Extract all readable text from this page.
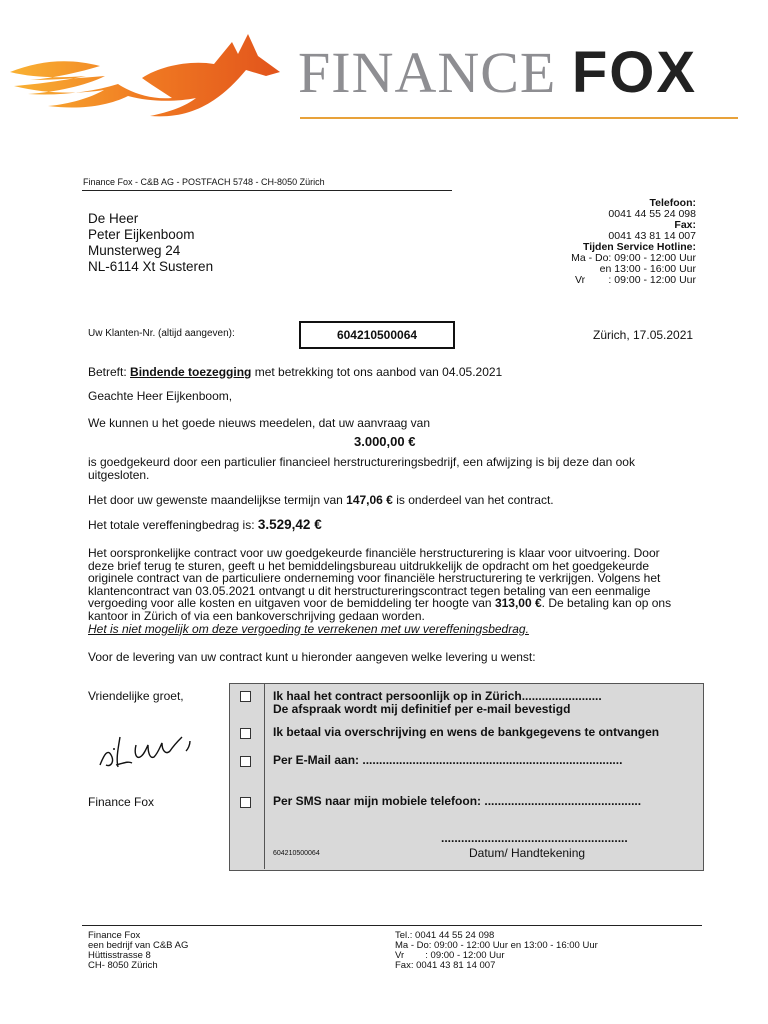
FINANCE FOX
Finance Fox - C&B AG - POSTFACH 5748 - CH-8050 Zürich
De Heer
Peter Eijkenboom
Munsterweg 24
NL-6114 Xt Susteren
Telefoon:
0041 44 55 24 098
Fax:
0041 43 81 14 007
Tijden Service Hotline:
Ma - Do: 09:00 - 12:00 Uur
en 13:00 - 16:00 Uur
Vr        : 09:00 - 12:00 Uur
Uw Klanten-Nr. (altijd aangeven):	604210500064	Zürich, 17.05.2021
Betreft: Bindende toezegging met betrekking tot ons aanbod van 04.05.2021
Geachte Heer Eijkenboom,
We kunnen u het goede nieuws meedelen, dat uw aanvraag van
3.000,00 €
is goedgekeurd door een particulier financieel herstructureringsbedrijf, een afwijzing is bij deze dan ook
uitgesloten.
Het door uw gewenste maandelijkse termijn van 147,06 € is onderdeel van het contract.
Het totale vereffeningbedrag is: 3.529,42 €
Het oorspronkelijke contract voor uw goedgekeurde financiële herstructurering is klaar voor uitvoering. Door
deze brief terug te sturen, geeft u het bemiddelingsbureau uitdrukkelijk de opdracht om het goedgekeurde
originele contract van de particuliere onderneming voor financiële herstructurering te verkrijgen. Volgens het
klantencontract van 03.05.2021 ontvangt u dit herstructureringscontract tegen betaling van een eenmalige
vergoeding voor alle kosten en uitgaven voor de bemiddeling ter hoogte van 313,00 €. De betaling kan op ons
kantoor in Zürich of via een bankoverschrijving gedaan worden.
Het is niet mogelijk om deze vergoeding te verrekenen met uw vereffeningsbedrag.
Voor de levering van uw contract kunt u hieronder aangeven welke levering u wenst:
Vriendelijke groet,
Finance Fox
Ik haal het contract persoonlijk op in Zürich........................
De afspraak wordt mij definitief per e-mail bevestigd
Ik betaal via overschrijving en wens de bankgegevens te ontvangen
Per E-Mail aan: ..............................................................................
Per SMS naar mijn mobiele telefoon: ...............................................
........................................................
Datum/ Handtekening
604210500064
Finance Fox
een bedrijf van C&B AG
Hüttisstrasse 8
CH- 8050 Zürich
Tel.: 0041 44 55 24 098
Ma - Do: 09:00 - 12:00 Uur en 13:00 - 16:00 Uur
Vr        : 09:00 - 12:00 Uur
Fax: 0041 43 81 14 007
